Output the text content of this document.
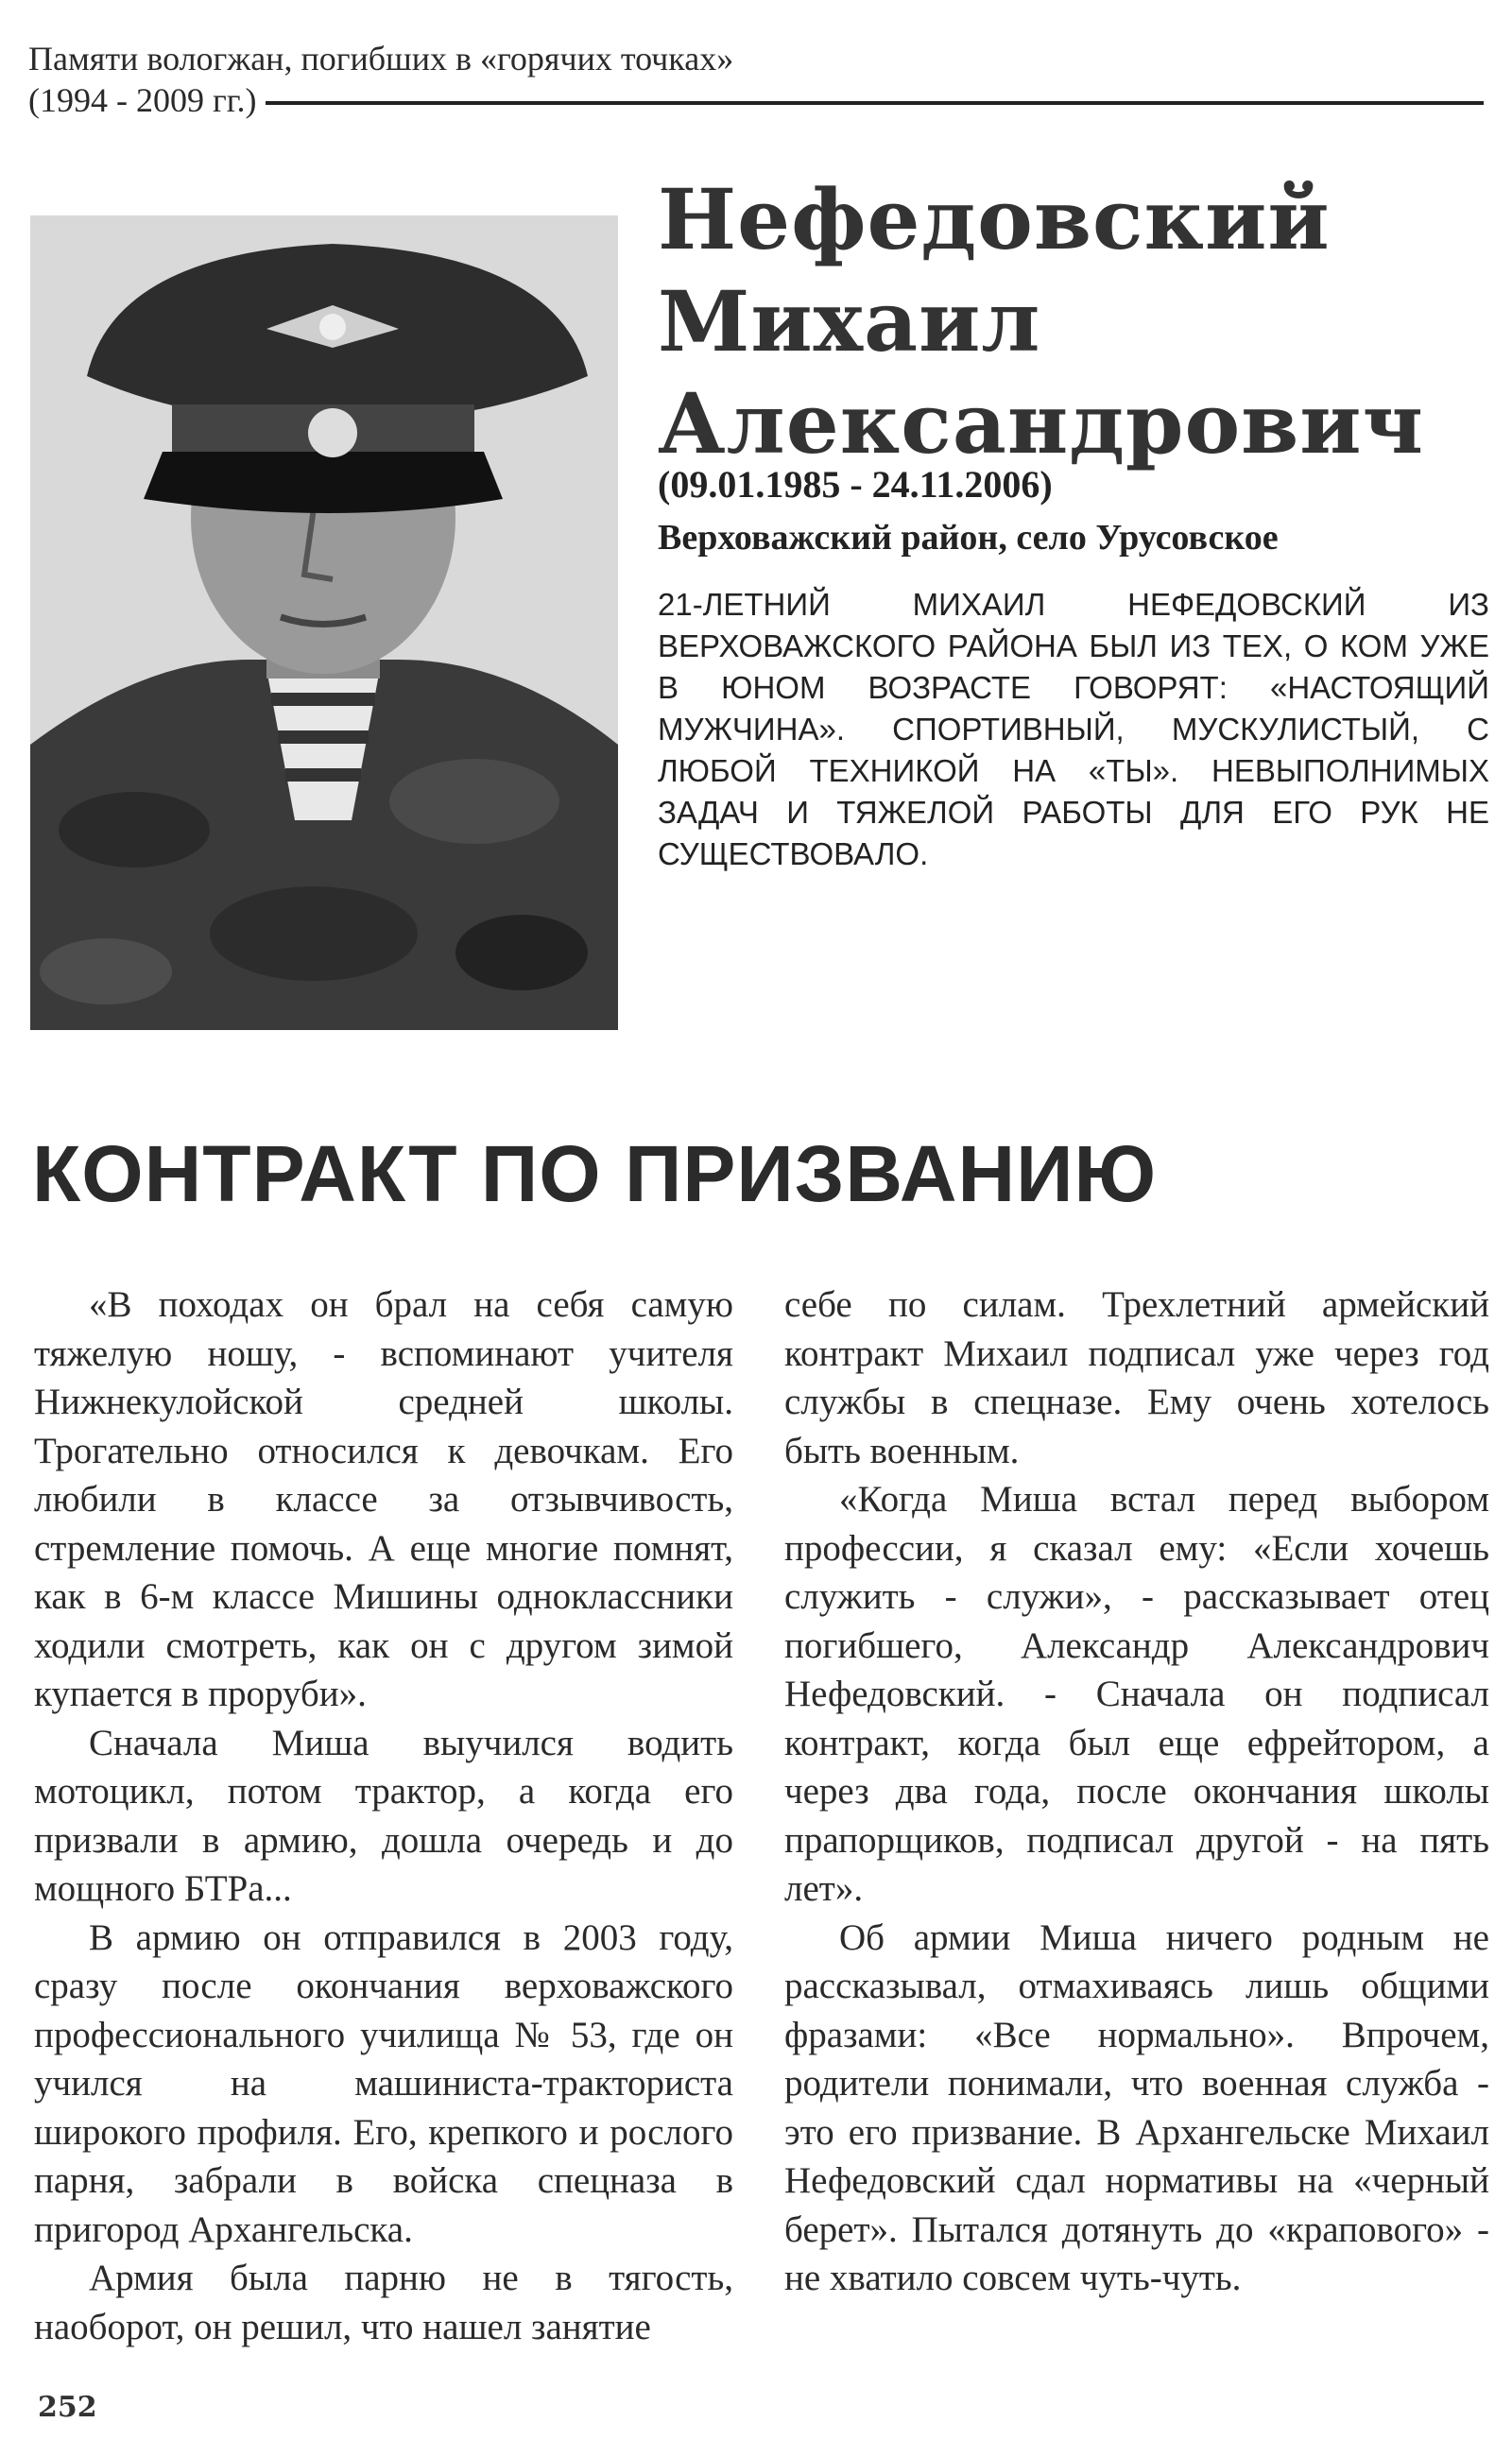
Памяти вологжан, погибших в «горячих точках»
(1994 - 2009 гг.)
Нефедовский
Михаил
Александрович
(09.01.1985 - 24.11.2006)
Верховажский район, село Урусовское
21-ЛЕТНИЙ МИХАИЛ НЕФЕДОВСКИЙ ИЗ ВЕРХОВАЖСКОГО РАЙОНА БЫЛ ИЗ ТЕХ, О КОМ УЖЕ В ЮНОМ ВОЗРАСТЕ ГОВОРЯТ: «НАСТОЯЩИЙ МУЖЧИНА». СПОРТИВНЫЙ, МУСКУЛИСТЫЙ, С ЛЮБОЙ ТЕХНИКОЙ НА «ТЫ». НЕВЫПОЛНИМЫХ ЗАДАЧ И ТЯЖЕЛОЙ РАБОТЫ ДЛЯ ЕГО РУК НЕ СУЩЕСТВОВАЛО.
КОНТРАКТ ПО ПРИЗВАНИЮ

«В походах он брал на себя самую тяжелую ношу, - вспоминают учителя Нижнекулойской средней школы. Трогательно относился к девочкам. Его любили в классе за отзывчивость, стремление помочь. А еще многие помнят, как в 6-м классе Мишины одноклассники ходили смотреть, как он с другом зимой купается в проруби».

Сначала Миша выучился водить мотоцикл, потом трактор, а когда его призвали в армию, дошла очередь и до мощного БТРа...

В армию он отправился в 2003 году, сразу после окончания верховажского профессионального училища № 53, где он учился на машиниста-тракториста широкого профиля. Его, крепкого и рослого парня, забрали в войска спецназа в пригород Архангельска.

Армия была парню не в тягость, наоборот, он решил, что нашел занятие

себе по силам. Трехлетний армейский контракт Михаил подписал уже через год службы в спецназе. Ему очень хотелось быть военным.

«Когда Миша встал перед выбором профессии, я сказал ему: «Если хочешь служить - служи», - рассказывает отец погибшего, Александр Александрович Нефедовский. - Сначала он подписал контракт, когда был еще ефрейтором, а через два года, после окончания школы прапорщиков, подписал другой - на пять лет».

Об армии Миша ничего родным не рассказывал, отмахиваясь лишь общими фразами: «Все нормально». Впрочем, родители понимали, что военная служба - это его призвание. В Архангельске Михаил Нефедовский сдал нормативы на «черный берет». Пытался дотянуть до «крапового» - не хватило совсем чуть-чуть.

252
